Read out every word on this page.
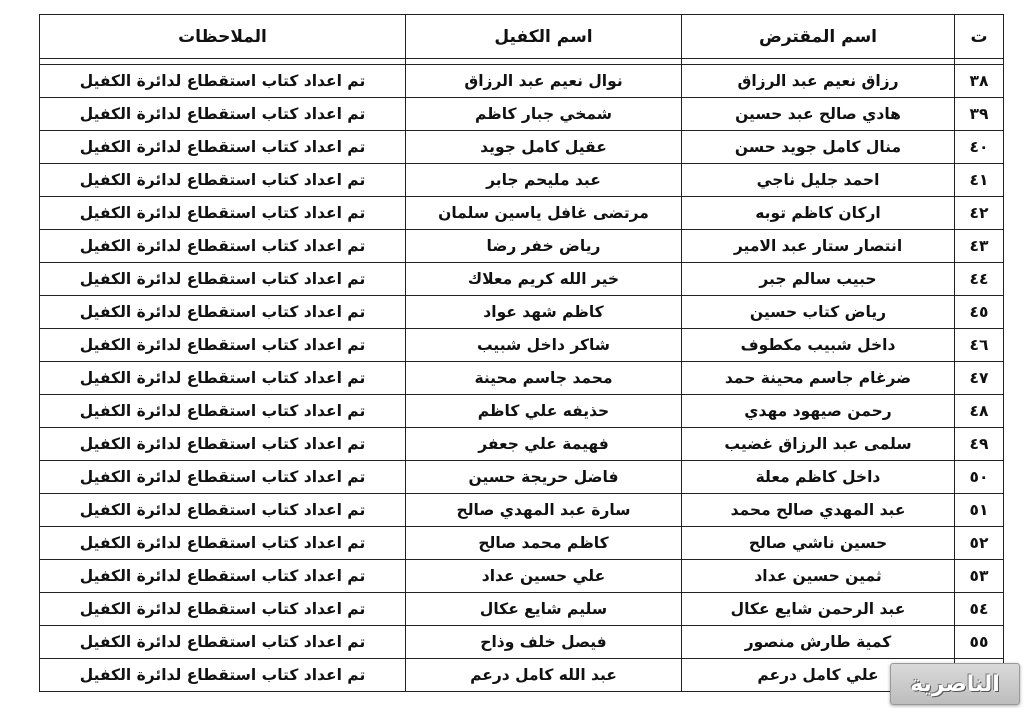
ت	اسم المقترض	اسم الكفيل	الملاحظات

٣٨	رزاق نعيم عبد الرزاق	نوال نعيم عبد الرزاق	تم اعداد كتاب استقطاع لدائرة الكفيل
٣٩	هادي صالح عبد حسين	شمخي جبار كاظم	تم اعداد كتاب استقطاع لدائرة الكفيل
٤٠	منال كامل جويد حسن	عقيل كامل جويد	تم اعداد كتاب استقطاع لدائرة الكفيل
٤١	احمد جليل ناجي	عبد مليحم جابر	تم اعداد كتاب استقطاع لدائرة الكفيل
٤٢	اركان كاظم توبه	مرتضى غافل ياسين سلمان	تم اعداد كتاب استقطاع لدائرة الكفيل
٤٣	انتصار ستار عبد الامير	رياض خفر رضا	تم اعداد كتاب استقطاع لدائرة الكفيل
٤٤	حبيب سالم جبر	خير الله كريم معلاك	تم اعداد كتاب استقطاع لدائرة الكفيل
٤٥	رياض كتاب حسين	كاظم شهد عواد	تم اعداد كتاب استقطاع لدائرة الكفيل
٤٦	داخل شبيب مكطوف	شاكر داخل شبيب	تم اعداد كتاب استقطاع لدائرة الكفيل
٤٧	ضرغام جاسم محينة حمد	محمد جاسم محينة	تم اعداد كتاب استقطاع لدائرة الكفيل
٤٨	رحمن صيهود مهدي	حذيفه علي كاظم	تم اعداد كتاب استقطاع لدائرة الكفيل
٤٩	سلمى عبد الرزاق غضيب	فهيمة علي جعفر	تم اعداد كتاب استقطاع لدائرة الكفيل
٥٠	داخل كاظم معلة	فاضل حريجة حسين	تم اعداد كتاب استقطاع لدائرة الكفيل
٥١	عبد المهدي صالح محمد	سارة عبد المهدي صالح	تم اعداد كتاب استقطاع لدائرة الكفيل
٥٢	حسين ناشي صالح	كاظم محمد صالح	تم اعداد كتاب استقطاع لدائرة الكفيل
٥٣	ثمين حسين عداد	علي حسين عداد	تم اعداد كتاب استقطاع لدائرة الكفيل
٥٤	عبد الرحمن شايع عكال	سليم شايع عكال	تم اعداد كتاب استقطاع لدائرة الكفيل
٥٥	كمية طارش منصور	فيصل خلف وذاح	تم اعداد كتاب استقطاع لدائرة الكفيل
	علي كامل درعم	عبد الله كامل درعم	تم اعداد كتاب استقطاع لدائرة الكفيل	الناصرية
